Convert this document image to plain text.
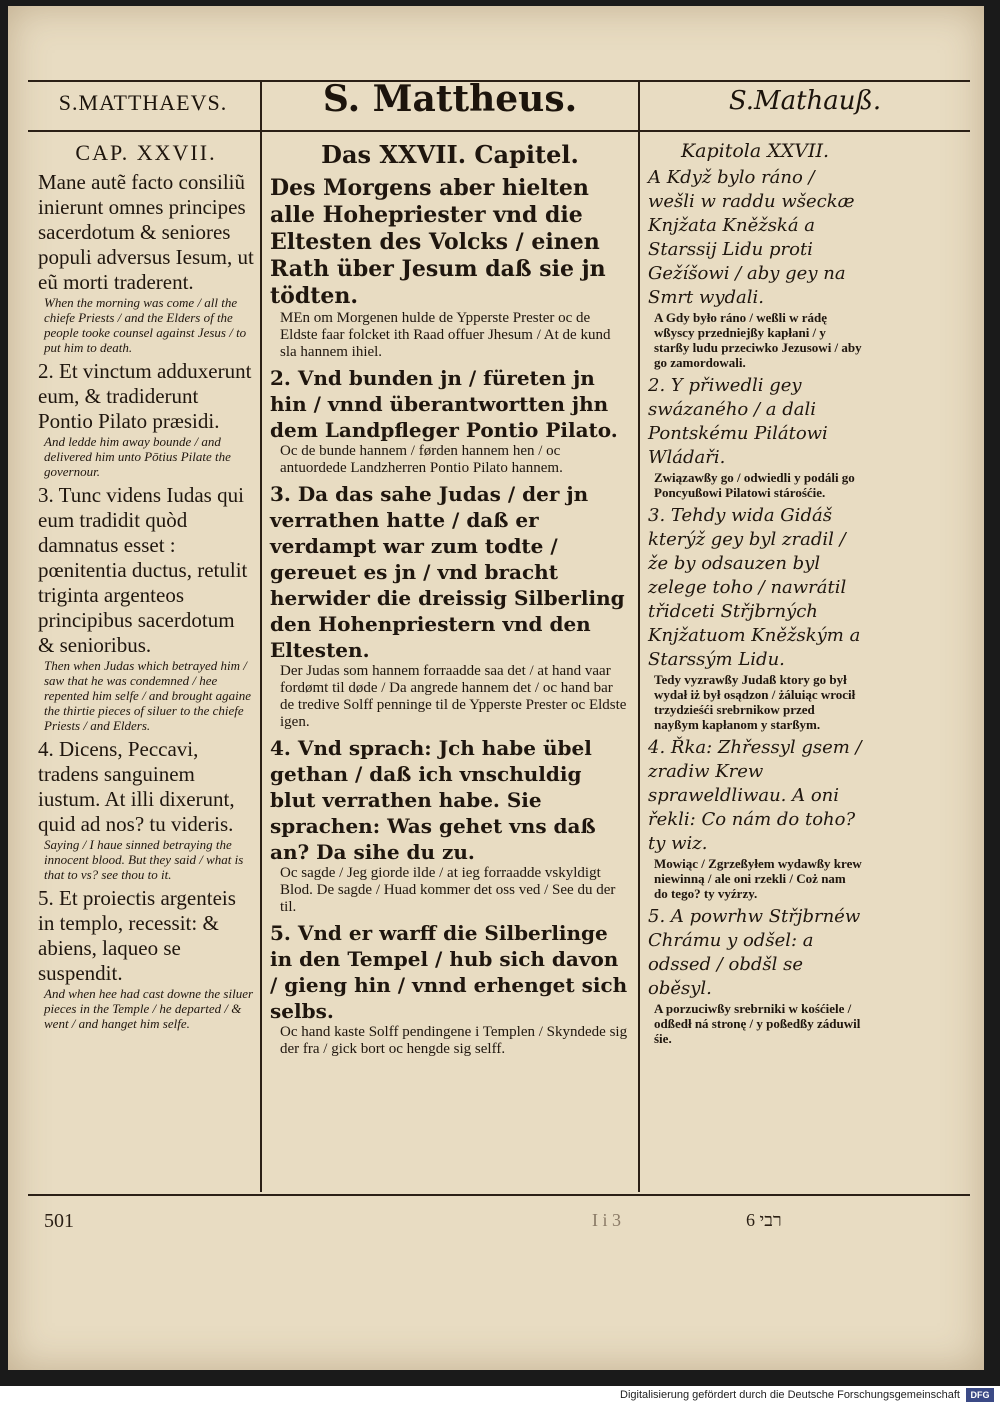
S.MATTHAEVS.	S. Mattheus.	S.Mathauß.
CAP. XXVII.

Mane autẽ facto consiliũ inierunt omnes principes sacerdotum & seniores populi adversus Iesum, ut eũ morti traderent.

When the morning was come / all the chiefe Priests / and the Elders of the people tooke counsel against Jesus / to put him to death.

2. Et vinctum adduxerunt eum, & tradiderunt Pontio Pilato præsidi.

And ledde him away bounde / and delivered him unto Pōtius Pilate the governour.

3. Tunc videns Iudas qui eum tradidit quòd damnatus esset : pœnitentia ductus, retulit triginta argenteos principibus sacerdotum & senioribus.

Then when Judas which betrayed him / saw that he was condemned / hee repented him selfe / and brought againe the thirtie pieces of siluer to the chiefe Priests / and Elders.

4. Dicens, Peccavi, tradens sanguinem iustum. At illi dixerunt, quid ad nos? tu videris.

Saying / I haue sinned betraying the innocent blood. But they said / what is that to vs? see thou to it.

5. Et proiectis argenteis in templo, recessit: & abiens, laqueo se suspendit.

And when hee had cast downe the siluer pieces in the Temple / he departed / & went / and hanget him selfe.

Das XXVII. Capitel.

Des Morgens aber hielten alle Hohepriester vnd die Eltesten des Volcks / einen Rath über Jesum daß sie jn tödten.

MEn om Morgenen hulde de Ypperste Prester oc de Eldste faar folcket ith Raad offuer Jhesum / At de kund sla hannem ihiel.

2. Vnd bunden jn / füreten jn hin / vnnd überantwortten jhn dem Landpfleger Pontio Pilato.

Oc de bunde hannem / førden hannem hen / oc antuordede Landzherren Pontio Pilato hannem.

3. Da das sahe Judas / der jn verrathen hatte / daß er verdampt war zum todte / gereuet es jn / vnd bracht herwider die dreissig Silberling den Hohenpriestern vnd den Eltesten.

Der Judas som hannem forraadde saa det / at hand vaar fordømt til døde / Da angrede hannem det / oc hand bar de tredive Solff penninge til de Ypperste Prester oc Eldste igen.

4. Vnd sprach: Jch habe übel gethan / daß ich vnschuldig blut verrathen habe. Sie sprachen: Was gehet vns daß an? Da sihe du zu.

Oc sagde / Jeg giorde ilde / at ieg forraadde vskyldigt Blod. De sagde / Huad kommer det oss ved / See du der til.

5. Vnd er warff die Silberlinge in den Tempel / hub sich davon / gieng hin / vnnd erhenget sich selbs.

Oc hand kaste Solff pendingene i Templen / Skyndede sig der fra / gick bort oc hengde sig selff.

Kapitola XXVII.

A Když bylo ráno / wešli w raddu wšeckæ Knjžata Kněžská a Starssij Lidu proti Gežíšowi / aby gey na Smrt wydali.

A Gdy było ráno / weßli w rádę wßyscy przedniejßy kapłani / y starßy ludu przeciwko Jezusowi / aby go zamordowali.

2. Y přiwedli gey swázaného / a dali Pontskému Pilátowi Wládaři.

Związawßy go / odwiedli y podáli go Poncyußowi Pilatowi stárośćie.

3. Tehdy wida Gidáš kterýž gey byl zradil / že by odsauzen byl zelege toho / nawrátil třidceti Střjbrných Knjžatuom Kněžským a Starssým Lidu.

Tedy vyzrawßy Judaß ktory go był wydał iż był osądzon / żáluiąc wrocił trzydzieśći srebrnikow przed nayßym kapłanom y starßym.

4. Řka: Zhřessyl gsem / zradiw Krew spraweldliwau. A oni řekli: Co nám do toho? ty wiz.

Mowiąc / Zgrzeßyłem wydawßy krew niewinną / ale oni rzekli / Coż nam do tego? ty vyźrzy.

5. A powrhw Střjbrnéw Chrámu y odšel: a odssed / obdšl se oběsyl.

A porzuciwßy srebrniki w kośćiele / odßedł ná stronę / y poßedßy záduwil śie.

501	I i 3	רבי 6
Digitalisierung gefördert durch die Deutsche Forschungsgemeinschaft	DFG
